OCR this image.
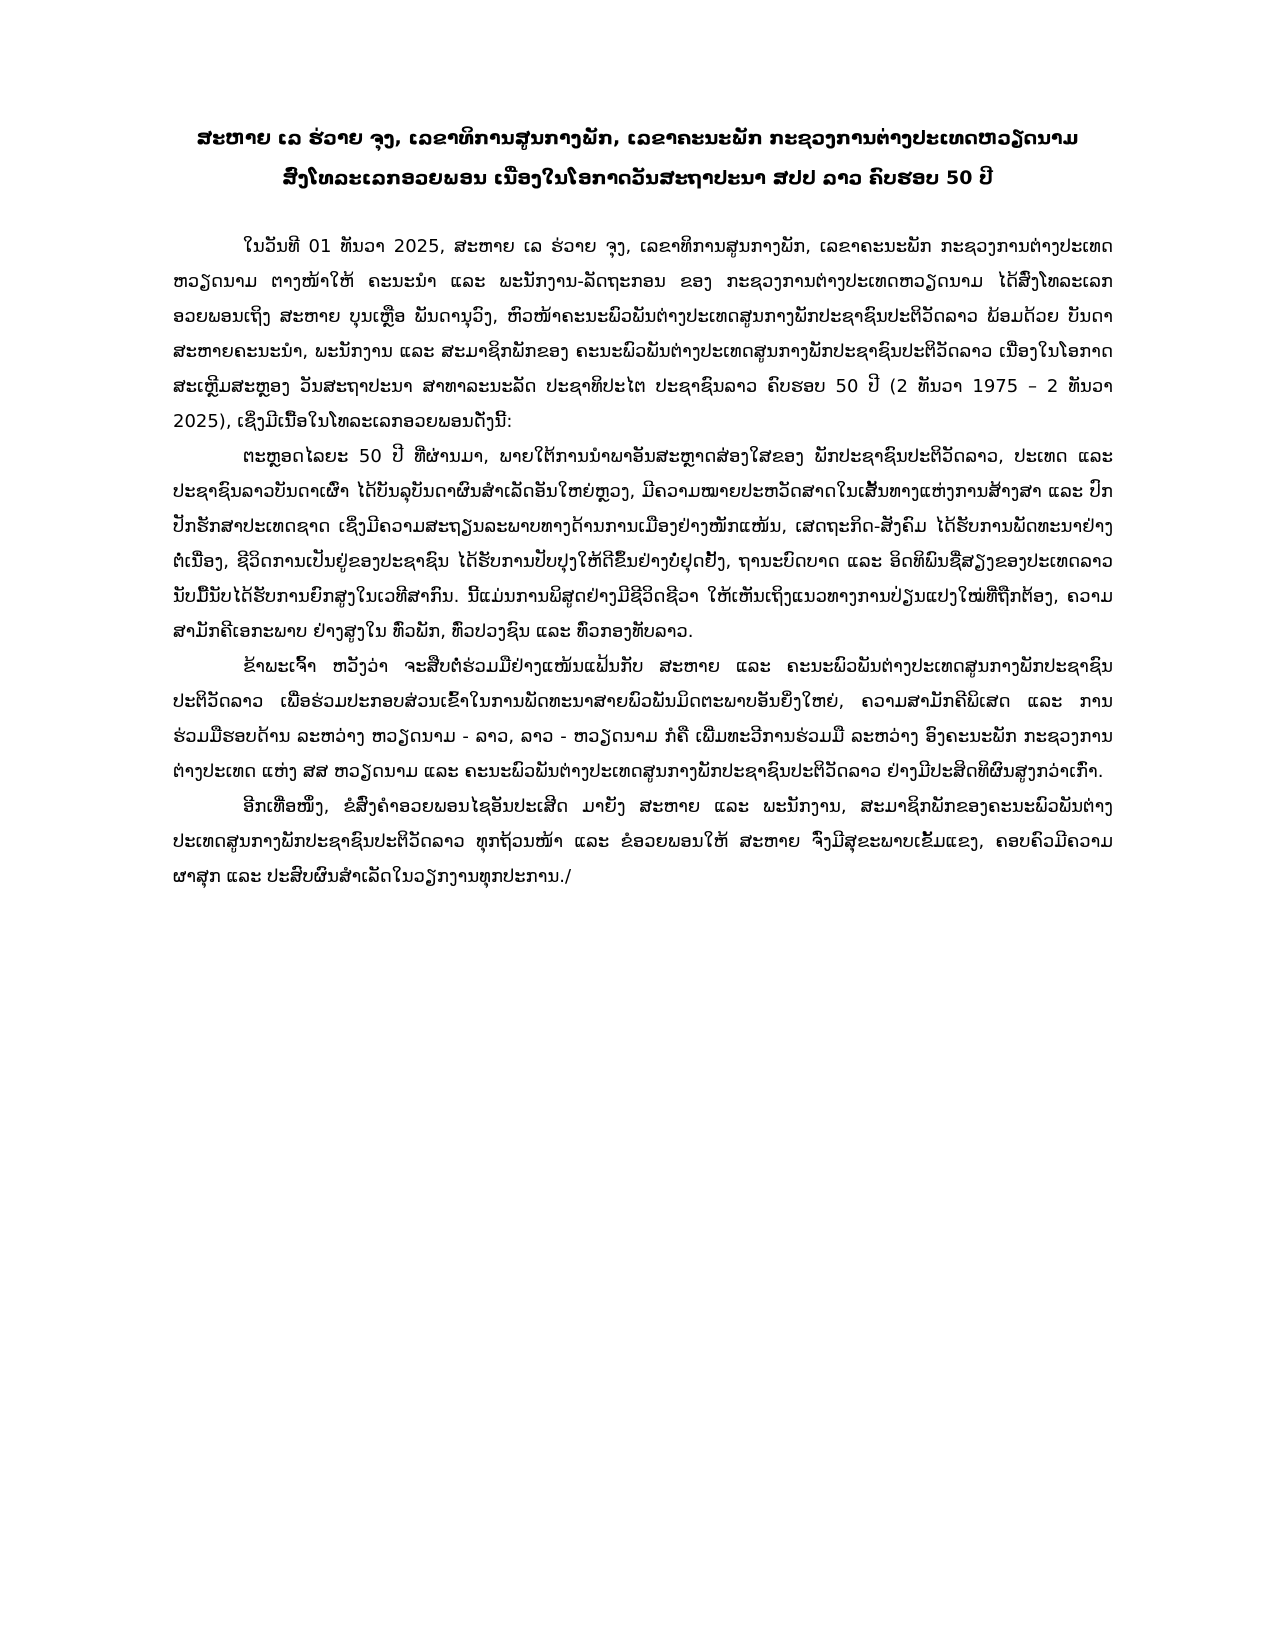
ສະຫາຍ ເລ ຮ່ວາຍ ຈຸງ, ເລຂາທິການສູນກາງພັກ, ເລຂາຄະນະພັກ ກະຊວງການຕ່າງປະເທດຫວຽດນາມ
ສົ່ງໂທລະເລກອວຍພອນ ເນື່ອງໃນໂອກາດວັນສະຖາປະນາ ສປປ ລາວ ຄົບຮອບ 50 ປີ

ໃນວັນທີ 01 ທັນວາ 2025, ສະຫາຍ ເລ ຮ່ວາຍ ຈຸງ, ເລຂາທິການສູນກາງພັກ, ເລຂາຄະນະພັກ ກະຊວງການຕ່າງປະເທດຫວຽດນາມ ຕາງໜ້າໃຫ້ ຄະນະນຳ ແລະ ພະນັກງານ-ລັດຖະກອນ ຂອງ ກະຊວງການຕ່າງປະເທດຫວຽດນາມ ໄດ້ສົ່ງໂທລະເລກອວຍພອນເຖິງ ສະຫາຍ ບຸນເຫຼືອ ພັນດານຸວົງ, ຫົວໜ້າຄະນະພົວພັນຕ່າງປະເທດສູນກາງພັກປະຊາຊົນປະຕິວັດລາວ ພ້ອມດ້ວຍ ບັນດາສະຫາຍຄະນະນຳ, ພະນັກງານ ແລະ ສະມາຊິກພັກຂອງ ຄະນະພົວພັນຕ່າງປະເທດສູນກາງພັກປະຊາຊົນປະຕິວັດລາວ ເນື່ອງໃນໂອກາດສະເຫຼີມສະຫຼອງ ວັນສະຖາປະນາ ສາທາລະນະລັດ ປະຊາທິປະໄຕ ປະຊາຊົນລາວ ຄົບຮອບ 50 ປີ (2 ທັນວາ 1975 – 2 ທັນວາ 2025), ເຊິ່ງມີເນື້ອໃນໂທລະເລກອວຍພອນດັ່ງນີ້:

ຕະຫຼອດໄລຍະ 50 ປີ ທີ່ຜ່ານມາ, ພາຍໃຕ້ການນຳພາອັນສະຫຼາດສ່ອງໃສຂອງ ພັກປະຊາຊົນປະຕິວັດລາວ, ປະເທດ ແລະ ປະຊາຊົນລາວບັນດາເຜົ່າ ໄດ້ບັນລຸບັນດາຜົນສຳເລັດອັນໃຫຍ່ຫຼວງ, ມີຄວາມໝາຍປະຫວັດສາດໃນເສັ້ນທາງແຫ່ງການສ້າງສາ ແລະ ປົກປັກຮັກສາປະເທດຊາດ ເຊິ່ງມີຄວາມສະຖຽນລະພາບທາງດ້ານການເມືອງຢ່າງໜັກແໜ້ນ, ເສດຖະກິດ-ສັງຄົມ ໄດ້ຮັບການພັດທະນາຢ່າງຕໍ່ເນື່ອງ, ຊີວິດການເປັນຢູ່ຂອງປະຊາຊົນ ໄດ້ຮັບການປັບປຸງໃຫ້ດີຂຶ້ນຢ່າງບໍ່ຢຸດຢັ້ງ, ຖານະບົດບາດ ແລະ ອິດທິພົນຊື່ສຽງຂອງປະເທດລາວ ນັບມື້ນັບໄດ້ຮັບການຍົກສູງໃນເວທີສາກົນ. ນີ້ແມ່ນການພິສູດຢ່າງມີຊີວິດຊີວາ ໃຫ້ເຫັນເຖິງແນວທາງການປ່ຽນແປງໃໝ່ທີ່ຖືກຕ້ອງ, ຄວາມສາມັກຄີເອກະພາບ ຢ່າງສູງໃນ ທົ່ວພັກ, ທົ່ວປວງຊົນ ແລະ ທົ່ວກອງທັບລາວ.

ຂ້າພະເຈົ້າ ຫວັງວ່າ ຈະສືບຕໍ່ຮ່ວມມືຢ່າງແໜ້ນແຟ້ນກັບ ສະຫາຍ ແລະ ຄະນະພົວພັນຕ່າງປະເທດສູນກາງພັກປະຊາຊົນປະຕິວັດລາວ ເພື່ອຮ່ວມປະກອບສ່ວນເຂົ້າໃນການພັດທະນາສາຍພົວພັນມິດຕະພາບອັນຍິ່ງໃຫຍ່, ຄວາມສາມັກຄີພິເສດ ແລະ ການຮ່ວມມືຮອບດ້ານ ລະຫວ່າງ ຫວຽດນາມ - ລາວ, ລາວ - ຫວຽດນາມ ກໍຄື ເພີ່ມທະວີການຮ່ວມມື ລະຫວ່າງ ອົງຄະນະພັກ ກະຊວງການຕ່າງປະເທດ ແຫ່ງ ສສ ຫວຽດນາມ ແລະ ຄະນະພົວພັນຕ່າງປະເທດສູນກາງພັກປະຊາຊົນປະຕິວັດລາວ ຢ່າງມີປະສິດທິຜົນສູງກວ່າເກົ່າ.

ອີກເທື່ອໜຶ່ງ, ຂໍສົ່ງຄຳອວຍພອນໄຊອັນປະເສີດ ມາຍັງ ສະຫາຍ ແລະ ພະນັກງານ, ສະມາຊິກພັກຂອງຄະນະພົວພັນຕ່າງປະເທດສູນກາງພັກປະຊາຊົນປະຕິວັດລາວ ທຸກຖ້ວນໜ້າ ແລະ ຂໍອວຍພອນໃຫ້ ສະຫາຍ ຈົ່ງມີສຸຂະພາບເຂັ້ມແຂງ, ຄອບຄົວມີຄວາມຜາສຸກ ແລະ ປະສົບຜົນສຳເລັດໃນວຽກງານທຸກປະການ./
